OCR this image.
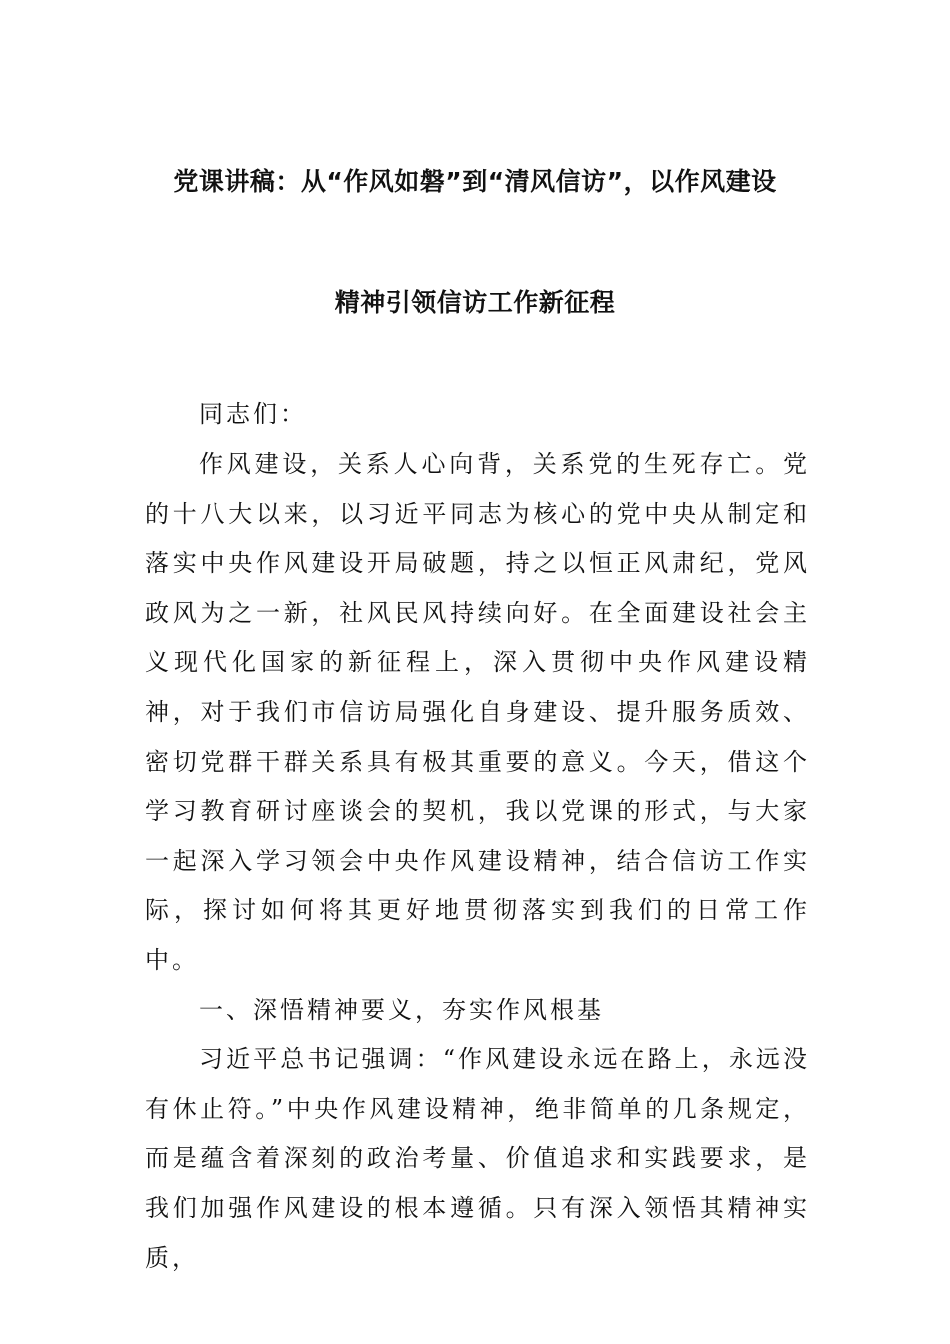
党课讲稿：从“作风如磐”到“清风信访”，以作风建设
精神引领信访工作新征程

同志们：

作风建设，关系人心向背，关系党的生死存亡。党的十八大以来，以习近平同志为核心的党中央从制定和落实中央作风建设开局破题，持之以恒正风肃纪，党风政风为之一新，社风民风持续向好。在全面建设社会主义现代化国家的新征程上，深入贯彻中央作风建设精神，对于我们市信访局强化自身建设、提升服务质效、密切党群干群关系具有极其重要的意义。今天，借这个学习教育研讨座谈会的契机，我以党课的形式，与大家一起深入学习领会中央作风建设精神，结合信访工作实际，探讨如何将其更好地贯彻落实到我们的日常工作中。

一、深悟精神要义，夯实作风根基

习近平总书记强调：“作风建设永远在路上，永远没有休止符。”中央作风建设精神，绝非简单的几条规定，而是蕴含着深刻的政治考量、价值追求和实践要求，是我们加强作风建设的根本遵循。只有深入领悟其精神实质，
